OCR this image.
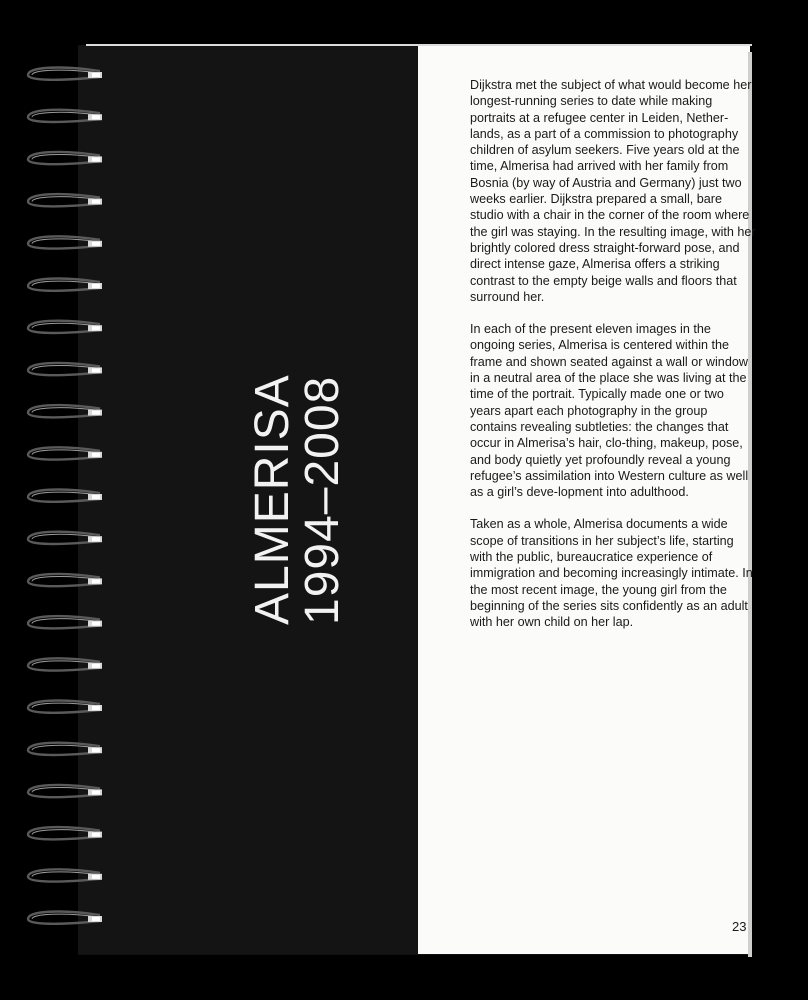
ALMERISA
1994–2008

Dijkstra met the subject of what would become her longest-running series to date while making portraits at a refugee center in Leiden, Nether-lands, as a part of a commission to photography children of asylum seekers. Five years old at the time, Almerisa had arrived with her family from Bosnia (by way of Austria and Germany) just two weeks earlier. Dijkstra prepared a small, bare studio with a chair in the corner of the room where the girl was staying. In the resulting image, with her brightly colored dress straight-forward pose, and direct intense gaze, Almerisa offers a striking contrast to the empty beige walls and floors that surround her.

In each of the present eleven images in the ongoing series, Almerisa is centered within the frame and shown seated against a wall or window in a neutral area of the place she was living at the time of the portrait. Typically made one or two years apart each photography in the group contains revealing subtleties: the changes that occur in Almerisa’s hair, clo-thing, makeup, pose, and body quietly yet profoundly reveal a young refugee’s assimilation into Western culture as well as a girl’s deve-lopment into adulthood.

Taken as a whole, Almerisa documents a wide scope of transitions in her subject’s life, starting with the public, bureaucratice experience of immigration and becoming increasingly intimate. In the most recent image, the young girl from the beginning of the series sits confidently as an adult with her own child on her lap.

23
